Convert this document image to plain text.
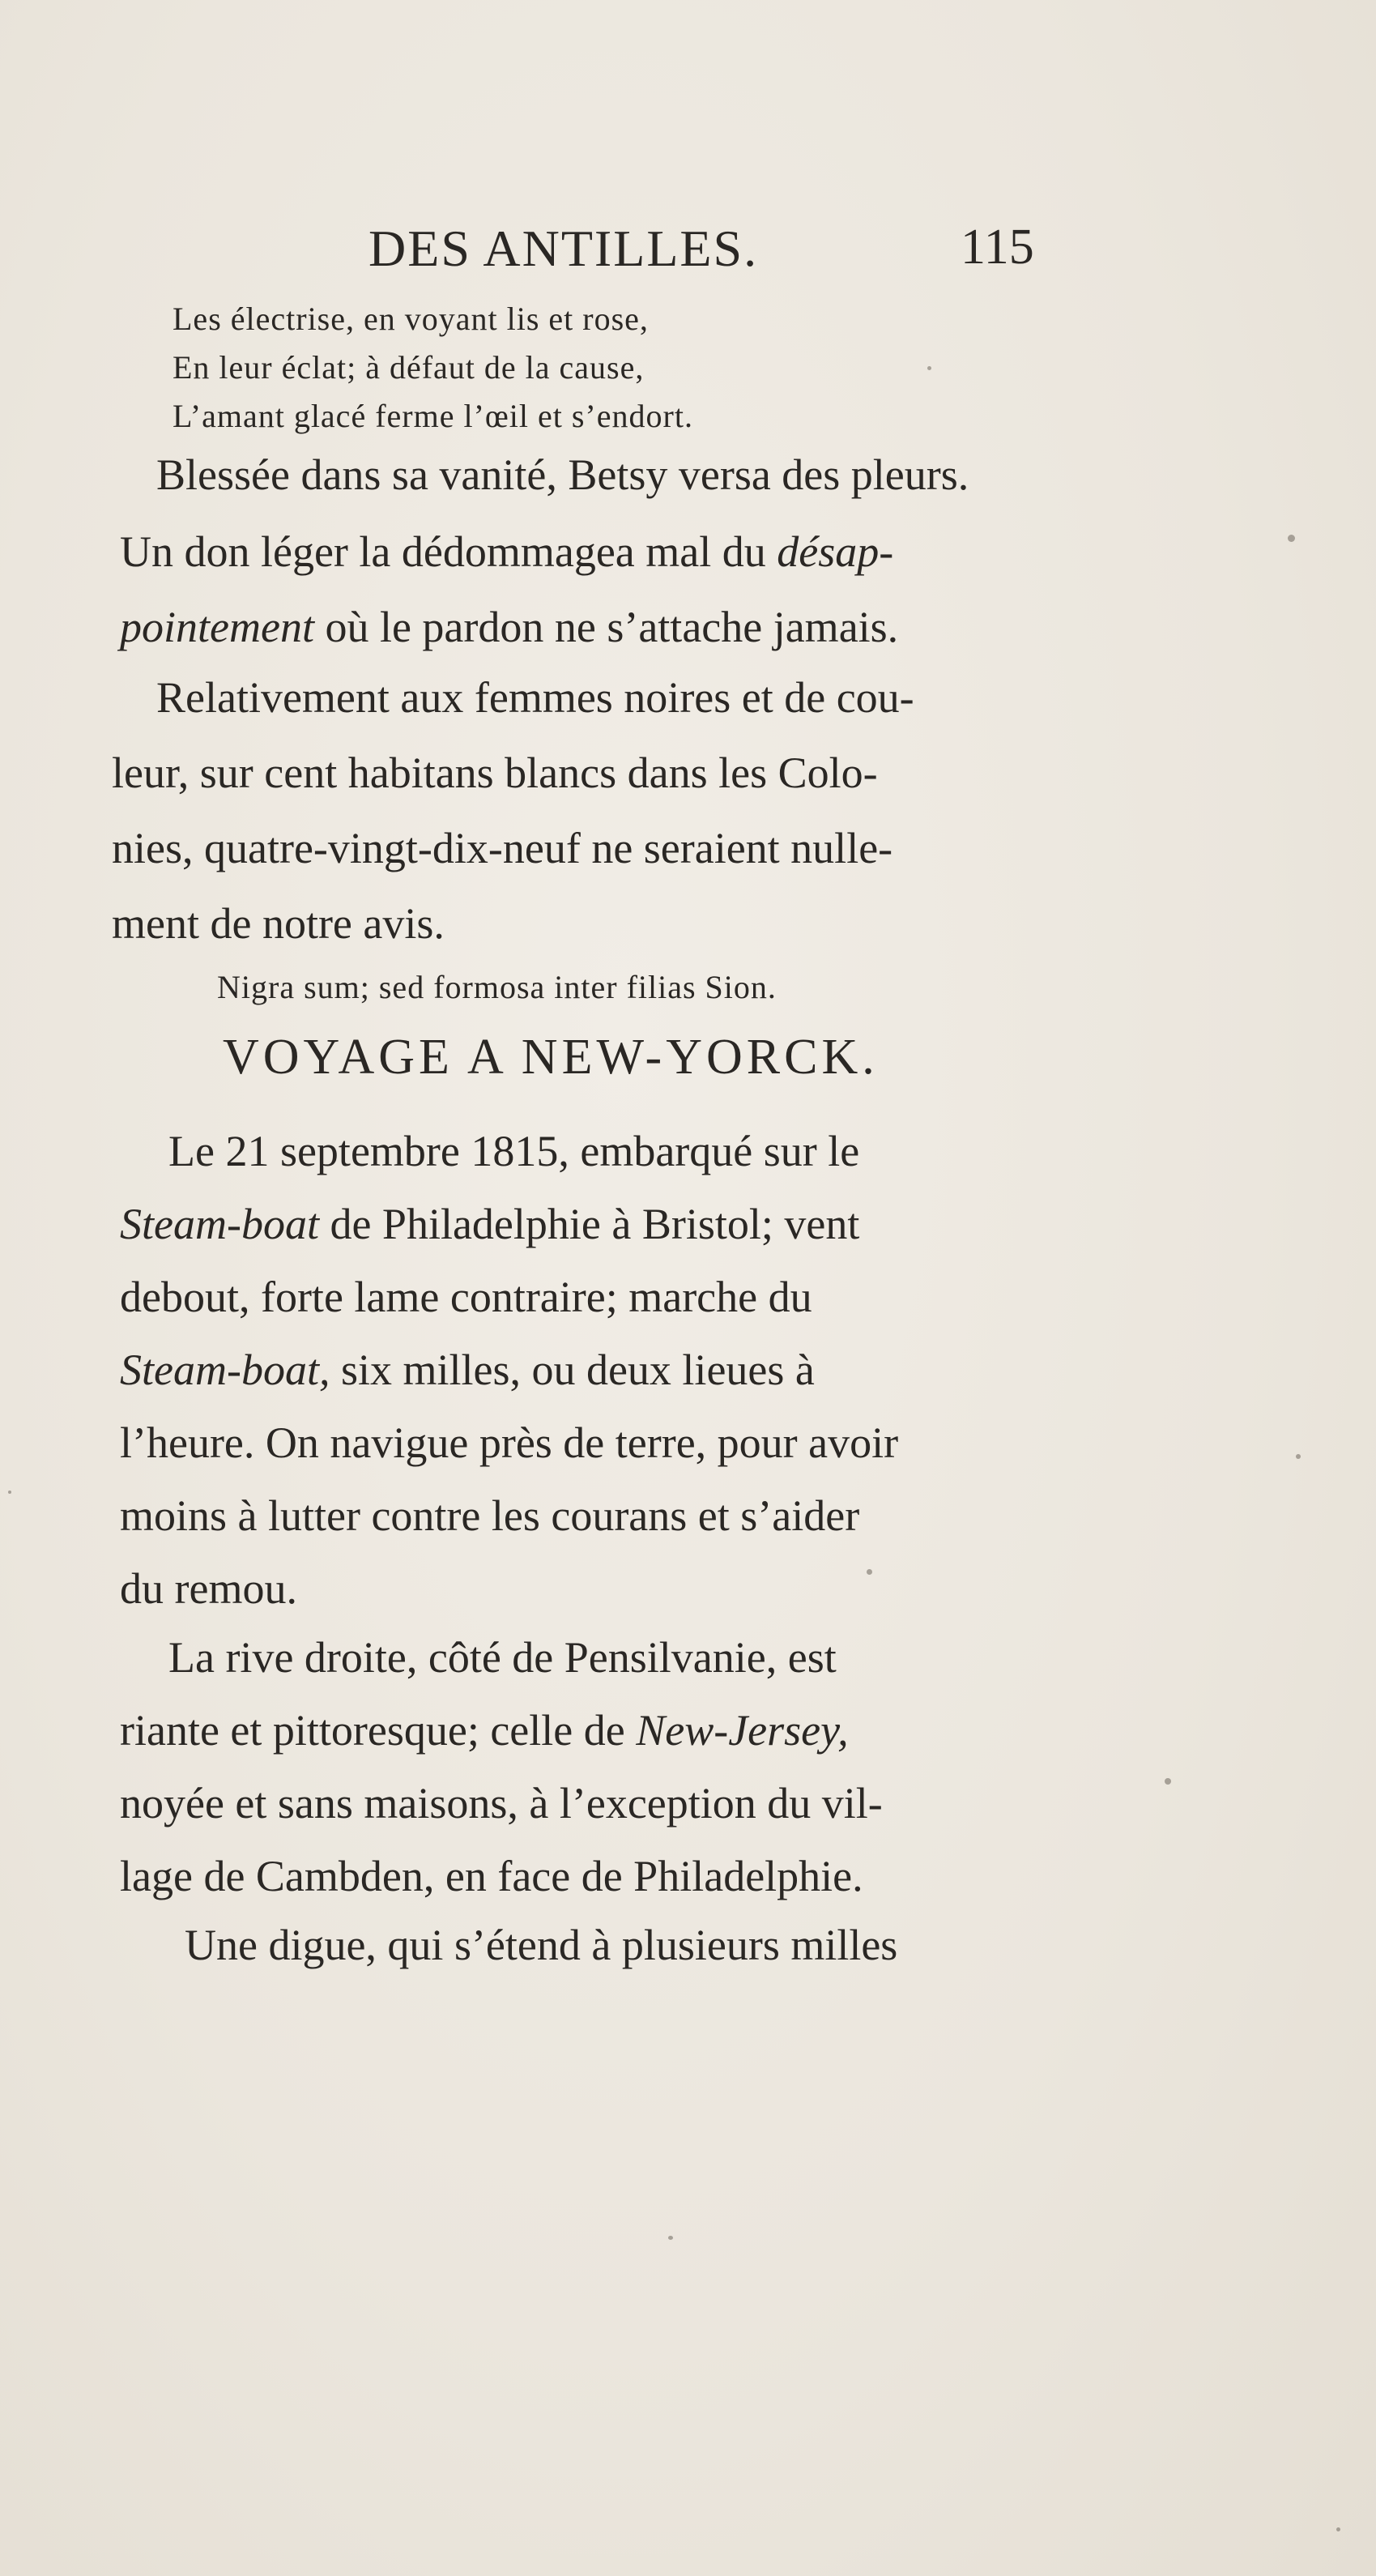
DES ANTILLES.	115
Les électrise, en voyant lis et rose,
En leur éclat; à défaut de la cause,
L’amant glacé ferme l’œil et s’endort.
Blessée dans sa vanité, Betsy versa des pleurs.
Un don léger la dédommagea mal du désap-
pointement où le pardon ne s’attache jamais.
Relativement aux femmes noires et de cou-
leur, sur cent habitans blancs dans les Colo-
nies, quatre-vingt-dix-neuf ne seraient nulle-
ment de notre avis.
Nigra sum; sed formosa inter filias Sion.
VOYAGE A NEW-YORCK.
Le 21 septembre 1815, embarqué sur le
Steam-boat de Philadelphie à Bristol; vent
debout, forte lame contraire; marche du
Steam-boat, six milles, ou deux lieues à
l’heure. On navigue près de terre, pour avoir
moins à lutter contre les courans et s’aider
du remou.
La rive droite, côté de Pensilvanie, est
riante et pittoresque; celle de New-Jersey,
noyée et sans maisons, à l’exception du vil-
lage de Cambden, en face de Philadelphie.
Une digue, qui s’étend à plusieurs milles
